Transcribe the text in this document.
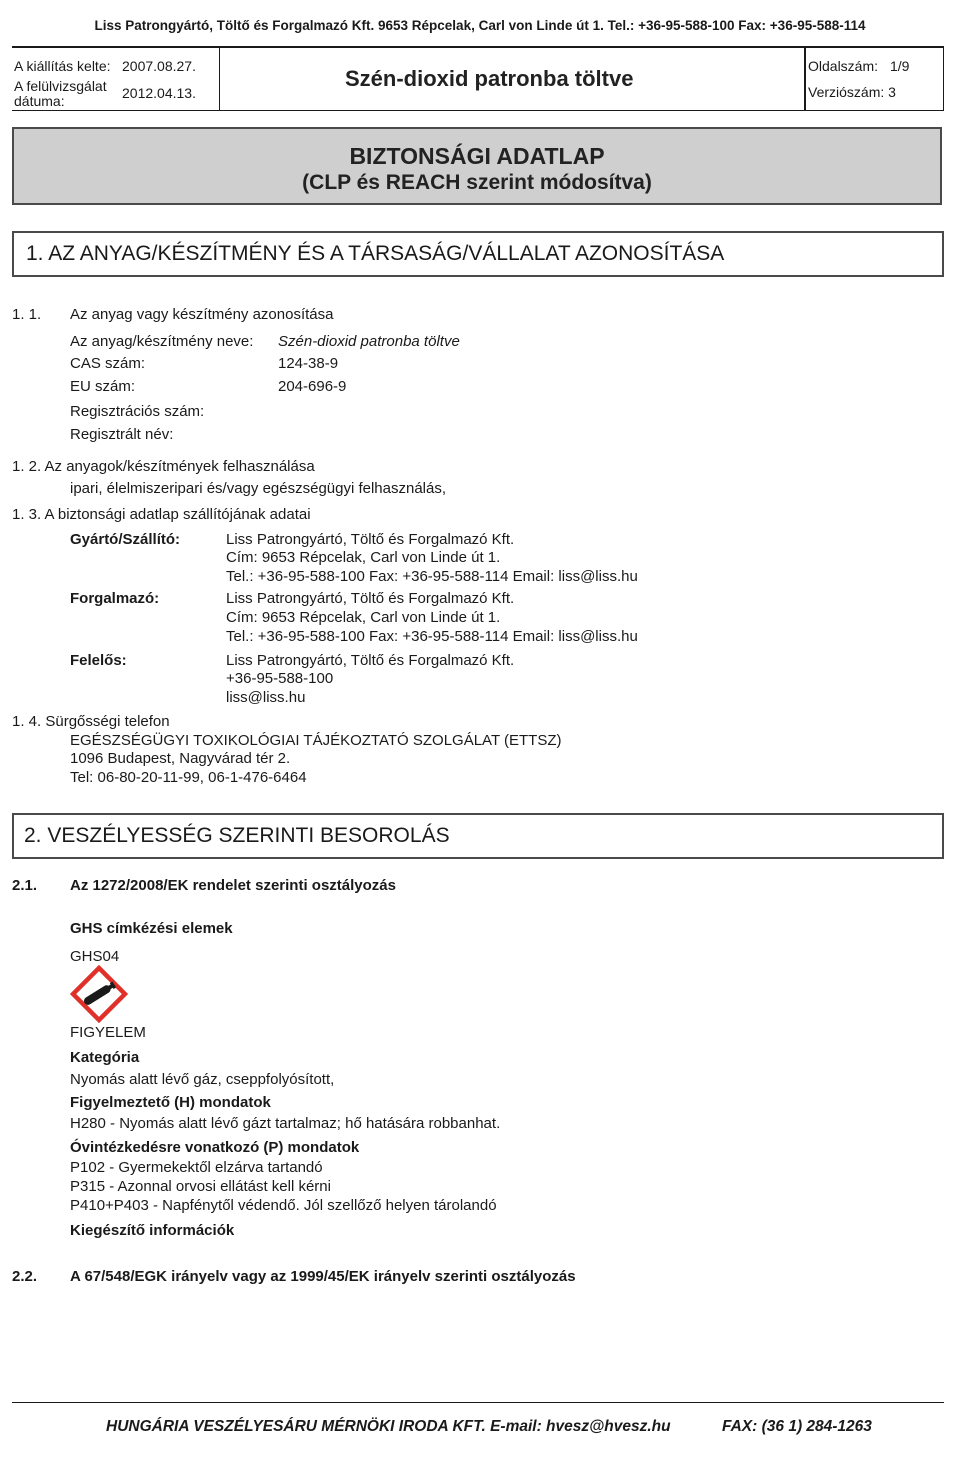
Liss Patrongyártó, Töltő és Forgalmazó Kft. 9653 Répcelak, Carl von Linde út 1. Tel.: +36-95-588-100 Fax: +36-95-588-114
A kiállítás kelte: 2007.08.27.
A felülvizsgálat
dátuma:	2012.04.13.
Szén-dioxid patronba töltve	Oldalszám: 1/9
Verziószám: 3
BIZTONSÁGI ADATLAP
(CLP és REACH szerint módosítva)
1. AZ ANYAG/KÉSZÍTMÉNY ÉS A TÁRSASÁG/VÁLLALAT AZONOSÍTÁSA
1. 1. Az anyag vagy készítmény azonosítása
Az anyag/készítmény neve: Szén-dioxid patronba töltve
CAS szám:	124-38-9
EU szám:	204-696-9
Regisztrációs szám:
Regisztrált név:
1. 2. Az anyagok/készítmények felhasználása
ipari, élelmiszeripari és/vagy egészségügyi felhasználás,
1. 3. A biztonsági adatlap szállítójának adatai
Gyártó/Szállító:	Liss Patrongyártó, Töltő és Forgalmazó Kft.
Cím: 9653 Répcelak, Carl von Linde út 1.
Tel.: +36-95-588-100 Fax: +36-95-588-114 Email: liss@liss.hu
Forgalmazó:	Liss Patrongyártó, Töltő és Forgalmazó Kft.
Cím: 9653 Répcelak, Carl von Linde út 1.
Tel.: +36-95-588-100 Fax: +36-95-588-114 Email: liss@liss.hu
Felelős:	Liss Patrongyártó, Töltő és Forgalmazó Kft.
+36-95-588-100
liss@liss.hu
1. 4. Sürgősségi telefon
EGÉSZSÉGÜGYI TOXIKOLÓGIAI TÁJÉKOZTATÓ SZOLGÁLAT (ETTSZ)
1096 Budapest, Nagyvárad tér 2.
Tel: 06-80-20-11-99, 06-1-476-6464
2. VESZÉLYESSÉG SZERINTI BESOROLÁS
2.1. Az 1272/2008/EK rendelet szerinti osztályozás
GHS címkézési elemek
GHS04
FIGYELEM
Kategória
Nyomás alatt lévő gáz, cseppfolyósított,
Figyelmeztető (H) mondatok
H280 - Nyomás alatt lévő gázt tartalmaz; hő hatására robbanhat.
Óvintézkedésre vonatkozó (P) mondatok
P102 - Gyermekektől elzárva tartandó
P315 - Azonnal orvosi ellátást kell kérni
P410+P403 - Napfénytől védendő. Jól szellőző helyen tárolandó
Kiegészítő információk
2.2. A 67/548/EGK irányelv vagy az 1999/45/EK irányelv szerinti osztályozás
HUNGÁRIA VESZÉLYESÁRU MÉRNÖKI IRODA KFT. E-mail: hvesz@hvesz.hu	FAX: (36 1) 284-1263
